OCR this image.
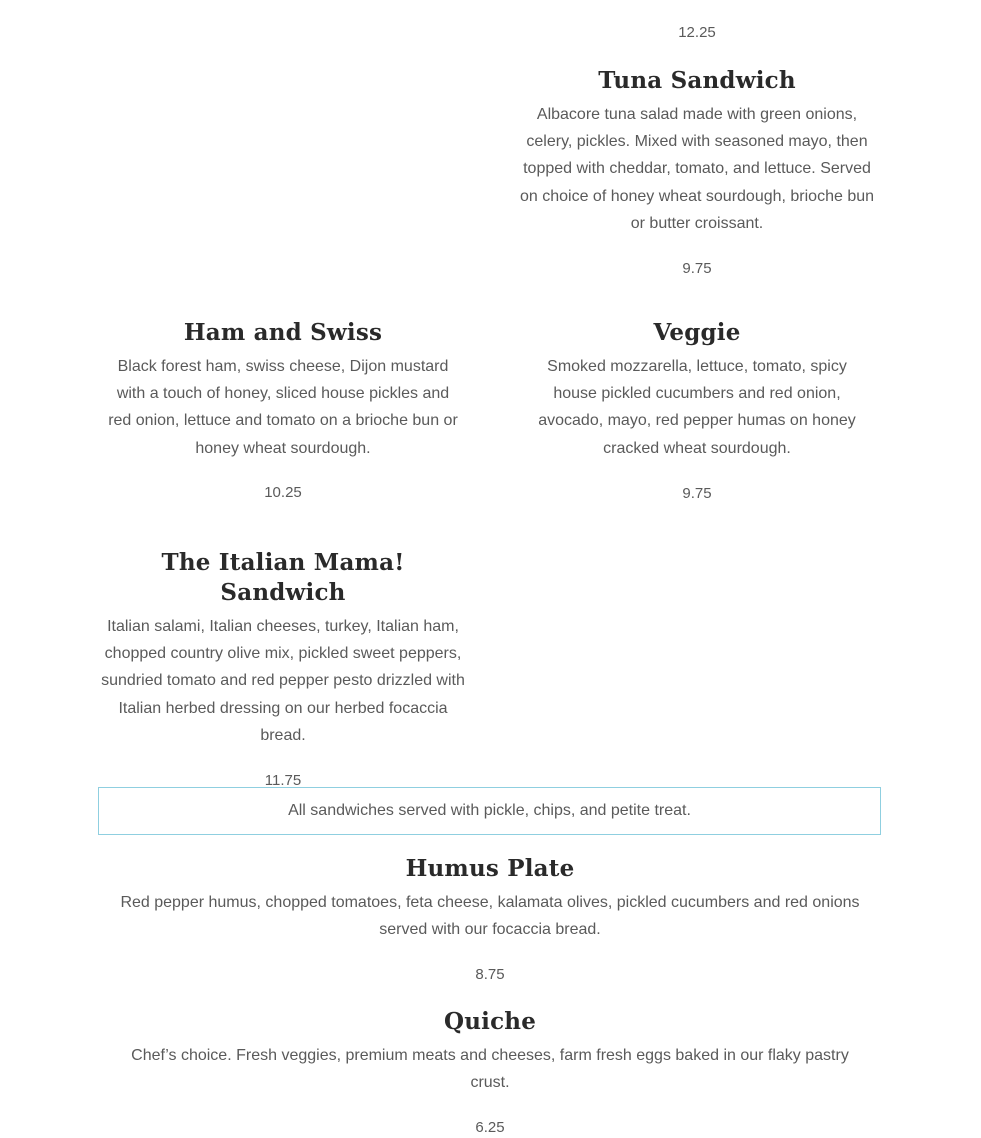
12.25

Tuna Sandwich

Albacore tuna salad made with green onions, celery, pickles. Mixed with seasoned mayo, then topped with cheddar, tomato, and lettuce. Served on choice of honey wheat sourdough, brioche bun or butter croissant.

9.75

Ham and Swiss

Black forest ham, swiss cheese, Dijon mustard with a touch of honey, sliced house pickles and red onion, lettuce and tomato on a brioche bun or honey wheat sourdough.

10.25

Veggie

Smoked mozzarella, lettuce, tomato, spicy house pickled cucumbers and red onion, avocado, mayo, red pepper humas on honey cracked wheat sourdough.

9.75

The Italian Mama! Sandwich

Italian salami, Italian cheeses, turkey, Italian ham, chopped country olive mix, pickled sweet peppers, sundried tomato and red pepper pesto drizzled with Italian herbed dressing on our herbed focaccia bread.

11.75

All sandwiches served with pickle, chips, and petite treat.
Humus Plate

Red pepper humus, chopped tomatoes, feta cheese, kalamata olives, pickled cucumbers and red onions served with our focaccia bread.

8.75

Quiche

Chef’s choice. Fresh veggies, premium meats and cheeses, farm fresh eggs baked in our flaky pastry crust.

6.25
